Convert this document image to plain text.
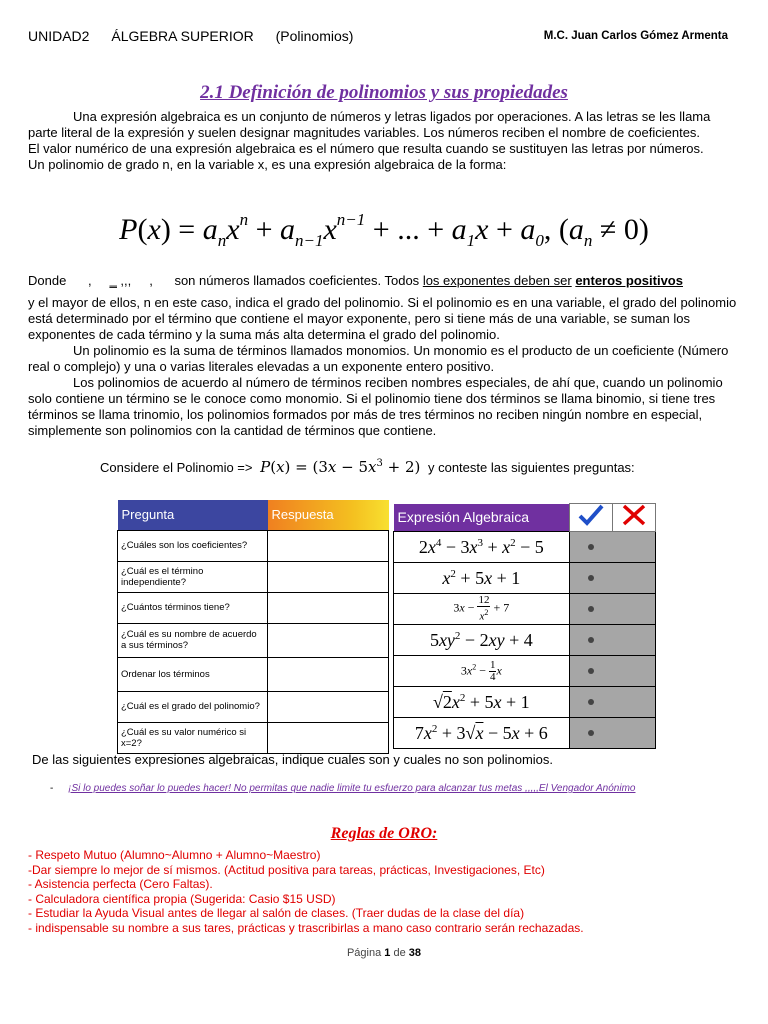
UNIDAD2 ÁLGEBRA SUPERIOR (Polinomios)	M.C. Juan Carlos Gómez Armenta
2.1 Definición de polinomios y sus propiedades

Una expresión algebraica es un conjunto de números y letras ligados por operaciones. A las letras se les llama parte literal de la expresión y suelen designar magnitudes variables. Los números reciben el nombre de coeficientes.

El valor numérico de una expresión algebraica es el número que resulta cuando se sustituyen las letras por números.

Un polinomio de grado n, en la variable x, es una expresión algebraica de la forma:

$P(x) = a_nx^n + a_{n-1}x^{n-1}$ + ... + $a_1x + a_0$, $(a_n \ne 0)$
Donde , ‗ ,,, , son números llamados coeficientes. Todos los exponentes deben ser enteros positivos

y el mayor de ellos, n en este caso, indica el grado del polinomio. Si el polinomio es en una variable, el grado del polinomio está determinado por el término que contiene el mayor exponente, pero si tiene más de una variable, se suman los exponentes de cada término y la suma más alta determina el grado del polinomio.

Un polinomio es la suma de términos llamados monomios. Un monomio es el producto de un coeficiente (Número real o complejo) y una o varias literales elevadas a un exponente entero positivo.

Los polinomios de acuerdo al número de términos reciben nombres especiales, de ahí que, cuando un polinomio solo contiene un término se le conoce como monomio. Si el polinomio tiene dos términos se llama binomio, si tiene tres términos se llama trinomio, los polinomios formados por más de tres términos no reciben ningún nombre en especial, simplemente son polinomios con la cantidad de términos que contiene.

Considere el Polinomio => $P(x) = (3x - 5x^3 + 2)$ y conteste las siguientes preguntas:
Pregunta	Respuesta
¿Cuáles son los coeficientes?	
¿Cuál es el término independiente?	
¿Cuántos términos tiene?	
¿Cuál es su nombre de acuerdo a sus términos?	
Ordenar los términos	
¿Cuál es el grado del polinomio?	
¿Cuál es su valor numérico si x=2?	
Expresión Algebraica		
$2x^4 - 3x^3 + x^2 - 5$		

$x^2 + 5x + 1$		

$3x - \frac{12}{x^2} + 7$		

$5xy^2 - 2xy + 4$		

$3x^2 - \frac{1}{4}$ x		

$√2x^2 + 5x + 1$		

$7x^2 + 3√x - 5x + 6$		
De las siguientes expresiones algebraicas, indique cuales son y cuales no son polinomios.
- ¡Si lo puedes soñar lo puedes hacer! No permitas que nadie limite tu esfuerzo para alcanzar tus metas ,,,,,El Vengador Anónimo
Reglas de ORO:
- Respeto Mutuo (Alumno~Alumno + Alumno~Maestro)
-Dar siempre lo mejor de sí mismos. (Actitud positiva para tareas, prácticas, Investigaciones, Etc)
- Asistencia perfecta (Cero Faltas).
- Calculadora científica propia (Sugerida: Casio $15 USD)
- Estudiar la Ayuda Visual antes de llegar al salón de clases. (Traer dudas de la clase del día)
- indispensable su nombre a sus tares, prácticas y trascribirlas a mano caso contrario serán rechazadas.
Página 1 de 38
